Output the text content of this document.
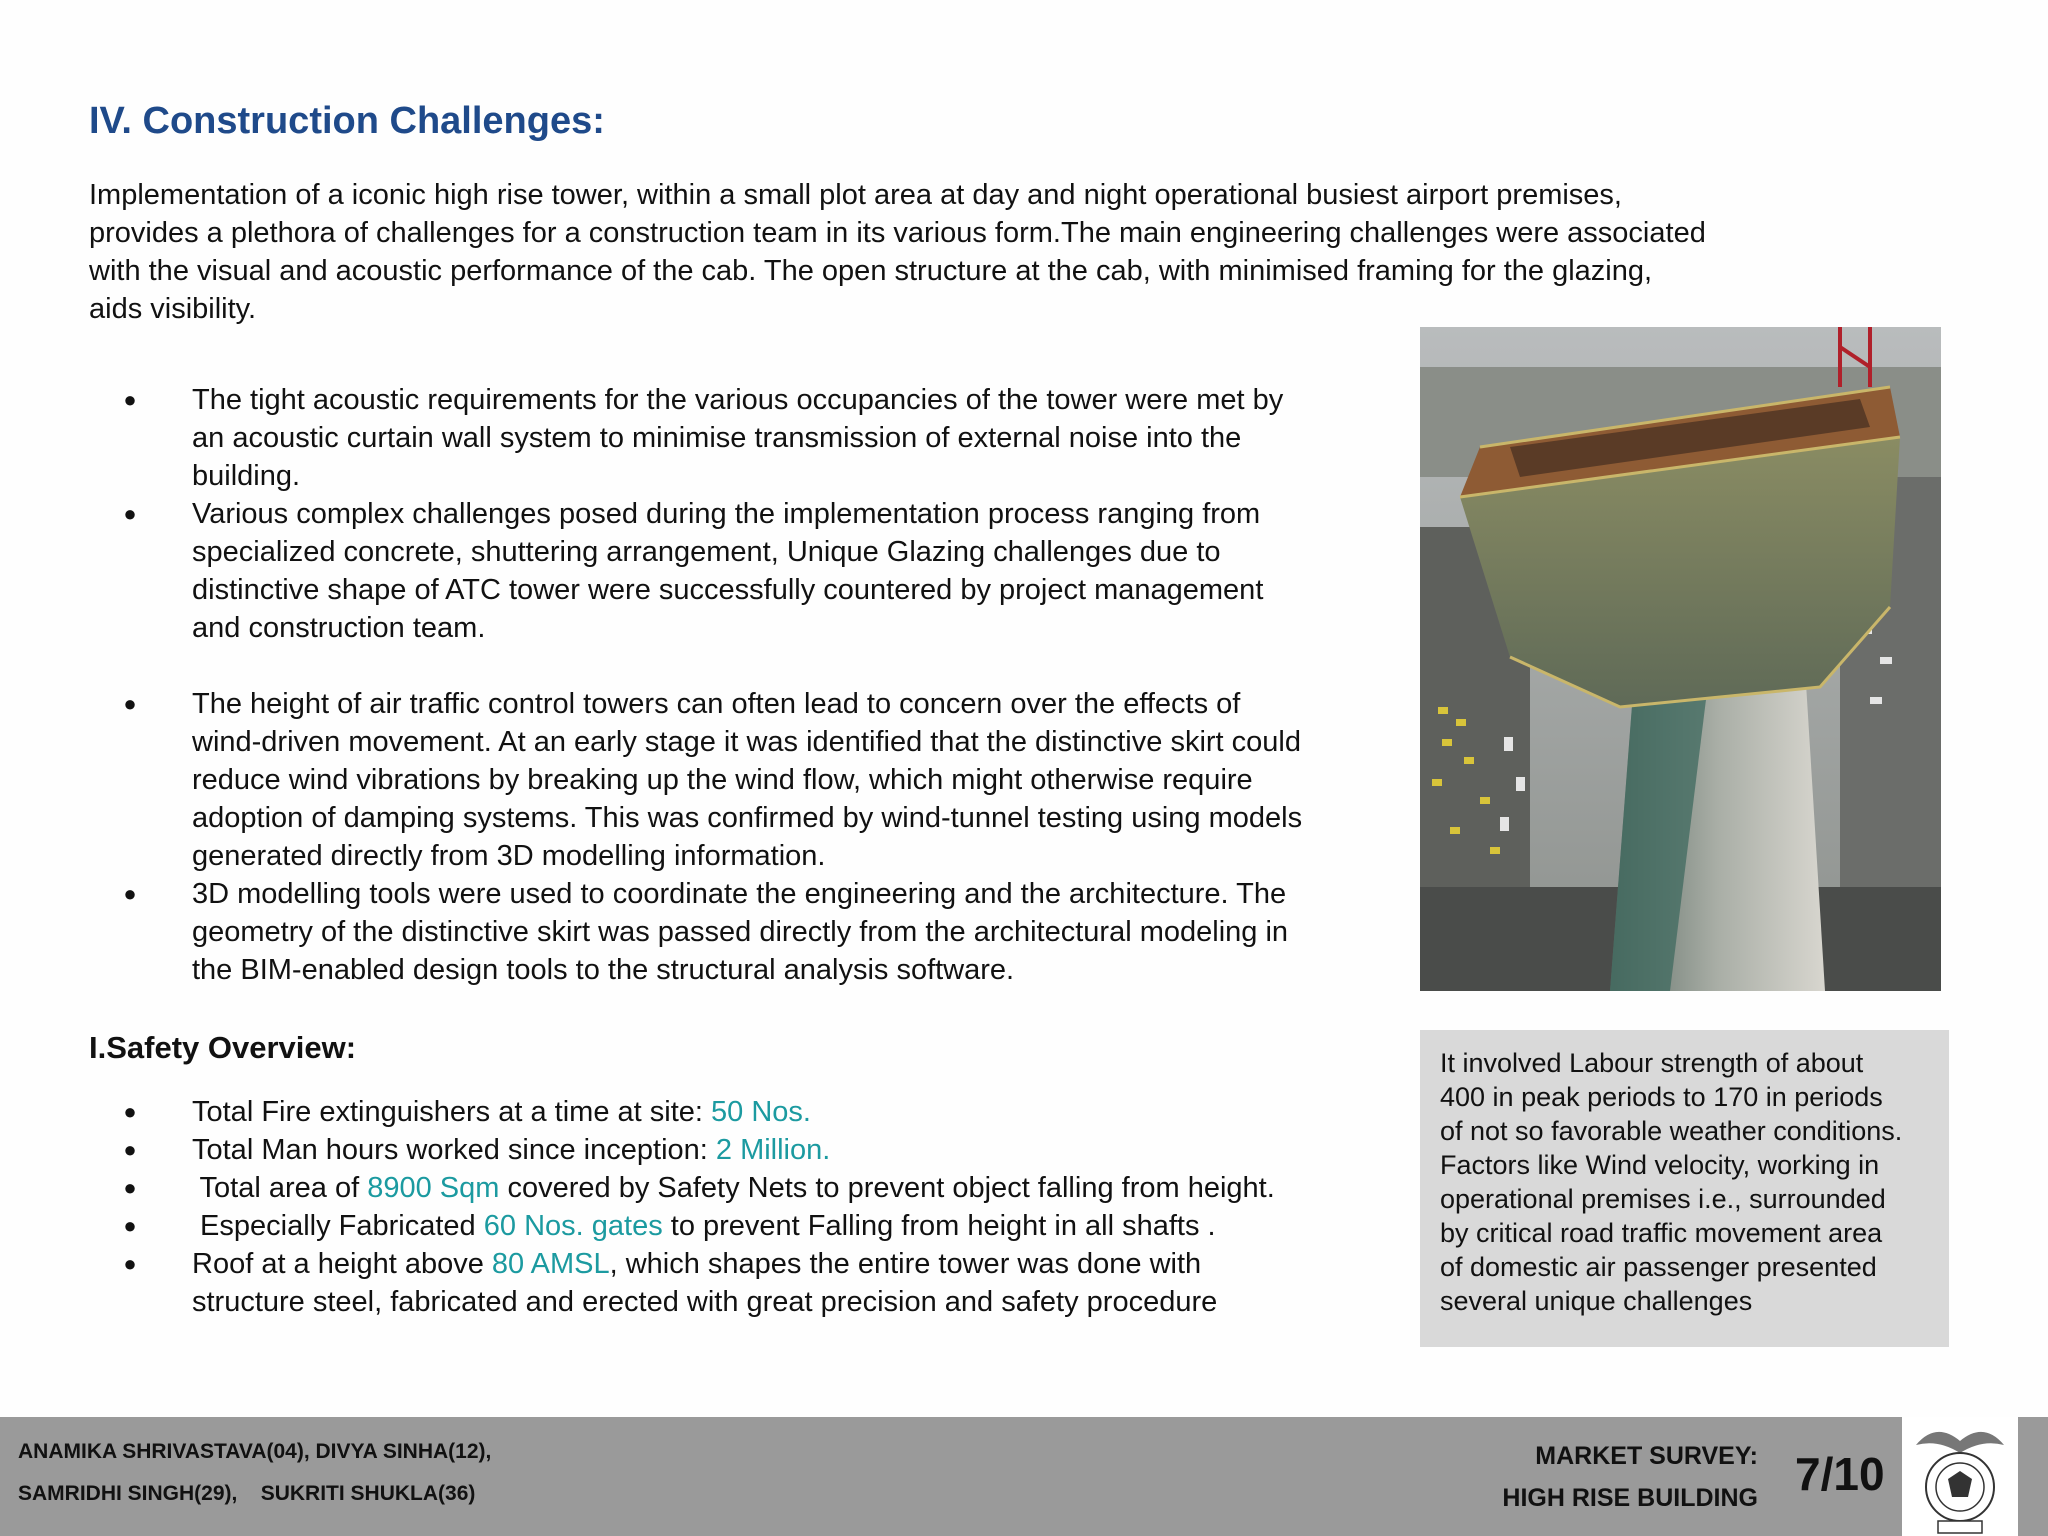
IV. Construction Challenges:

Implementation of a iconic high rise tower, within a small plot area at day and night operational busiest airport premises,
provides a plethora of challenges for a construction team in its various form.The main engineering challenges were associated
with the visual and acoustic performance of the cab. The open structure at the cab, with minimised framing for the glazing,
aids visibility.

● The tight acoustic requirements for the various occupancies of the tower were met by
an acoustic curtain wall system to minimise transmission of external noise into the
building.
● Various complex challenges posed during the implementation process ranging from
specialized concrete, shuttering arrangement, Unique Glazing challenges due to
distinctive shape of ATC tower were successfully countered by project management
and construction team.
● The height of air traffic control towers can often lead to concern over the effects of
wind-driven movement. At an early stage it was identified that the distinctive skirt could
reduce wind vibrations by breaking up the wind flow, which might otherwise require
adoption of damping systems. This was confirmed by wind-tunnel testing using models
generated directly from 3D modelling information.
● 3D modelling tools were used to coordinate the engineering and the architecture. The
geometry of the distinctive skirt was passed directly from the architectural modeling in
the BIM-enabled design tools to the structural analysis software.
I.Safety Overview:
● Total Fire extinguishers at a time at site: 50 Nos.
● Total Man hours worked since inception: 2 Million.
● Total area of 8900 Sqm covered by Safety Nets to prevent object falling from height.
● Especially Fabricated 60 Nos. gates to prevent Falling from height in all shafts .
● Roof at a height above 80 AMSL, which shapes the entire tower was done with
structure steel, fabricated and erected with great precision and safety procedure
It involved Labour strength of about
400 in peak periods to 170 in periods
of not so favorable weather conditions.
Factors like Wind velocity, working in
operational premises i.e., surrounded
by critical road traffic movement area
of domestic air passenger presented
several unique challenges
ANAMIKA SHRIVASTAVA(04), DIVYA SINHA(12),
SAMRIDHI SINGH(29),    SUKRITI SHUKLA(36)
MARKET SURVEY:
HIGH RISE BUILDING 7/10
